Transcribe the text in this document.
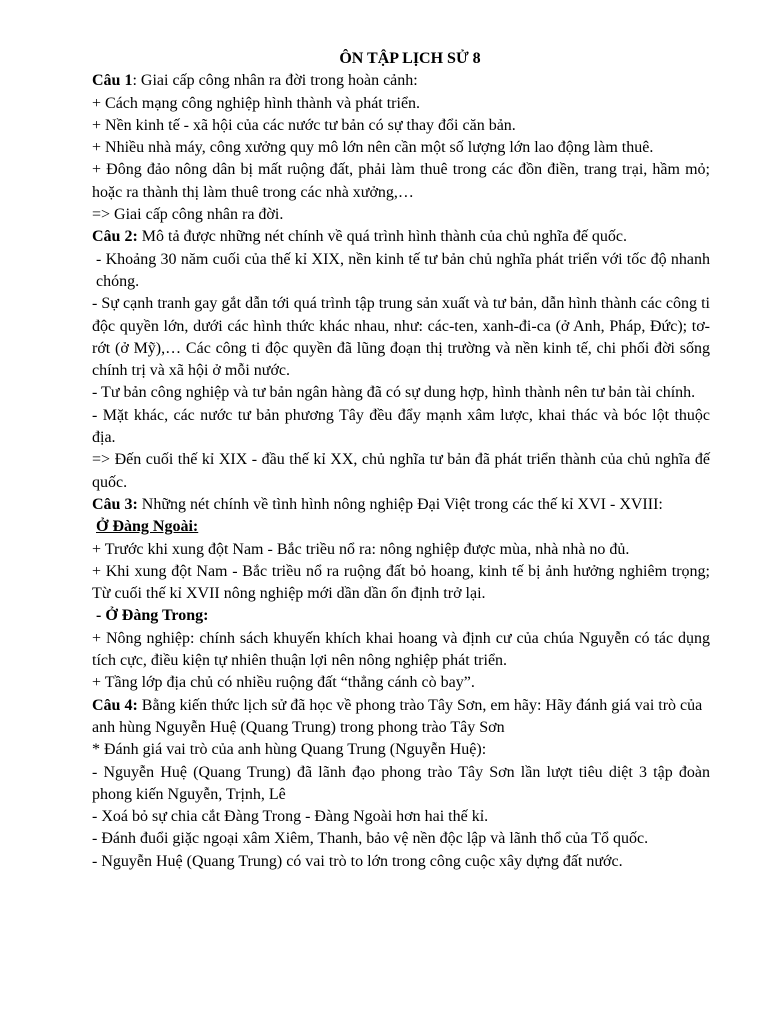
ÔN TẬP LỊCH SỬ 8

Câu 1: Giai cấp công nhân ra đời trong hoàn cảnh:

+ Cách mạng công nghiệp hình thành và phát triển.

+ Nền kinh tế - xã hội của các nước tư bản có sự thay đổi căn bản.

+ Nhiều nhà máy, công xưởng quy mô lớn nên cần một số lượng lớn lao động làm thuê.

+ Đông đảo nông dân bị mất ruộng đất, phải làm thuê trong các đồn điền, trang trại, hầm mỏ; hoặc ra thành thị làm thuê trong các nhà xưởng,…

=> Giai cấp công nhân ra đời.

Câu 2: Mô tả được những nét chính về quá trình hình thành của chủ nghĩa đế quốc.

- Khoảng 30 năm cuối của thế kỉ XIX, nền kinh tế tư bản chủ nghĩa phát triển với tốc độ nhanh chóng.

- Sự cạnh tranh gay gắt dẫn tới quá trình tập trung sản xuất và tư bản, dẫn hình thành các công ti độc quyền lớn, dưới các hình thức khác nhau, như: các-ten, xanh-đi-ca (ở Anh, Pháp, Đức); tơ-rớt (ở Mỹ),… Các công ti độc quyền đã lũng đoạn thị trường và nền kinh tế, chi phối đời sống chính trị và xã hội ở mỗi nước.

- Tư bản công nghiệp và tư bản ngân hàng đã có sự dung hợp, hình thành nên tư bản tài chính.

- Mặt khác, các nước tư bản phương Tây đều đẩy mạnh xâm lược, khai thác và bóc lột thuộc địa.

=> Đến cuối thế kỉ XIX - đầu thế kỉ XX, chủ nghĩa tư bản đã phát triển thành của chủ nghĩa đế quốc.

Câu 3: Những nét chính về tình hình nông nghiệp Đại Việt trong các thế kỉ XVI - XVIII:

Ở Đàng Ngoài:

+ Trước khi xung đột Nam - Bắc triều nổ ra: nông nghiệp được mùa, nhà nhà no đủ.

+ Khi xung đột Nam - Bắc triều nổ ra ruộng đất bỏ hoang, kinh tế bị ảnh hưởng nghiêm trọng; Từ cuối thế kỉ XVII nông nghiệp mới dần dần ổn định trở lại.

- Ở Đàng Trong:

+ Nông nghiệp: chính sách khuyến khích khai hoang và định cư của chúa Nguyễn có tác dụng tích cực, điều kiện tự nhiên thuận lợi nên nông nghiệp phát triển.

+ Tầng lớp địa chủ có nhiều ruộng đất “thẳng cánh cò bay”.

Câu 4: Bằng kiến thức lịch sử đã học về phong trào Tây Sơn, em hãy: Hãy đánh giá vai trò của anh hùng Nguyễn Huệ (Quang Trung) trong phong trào Tây Sơn

* Đánh giá vai trò của anh hùng Quang Trung (Nguyễn Huệ):

- Nguyễn Huệ (Quang Trung) đã lãnh đạo phong trào Tây Sơn lần lượt tiêu diệt 3 tập đoàn phong kiến Nguyễn, Trịnh, Lê

- Xoá bỏ sự chia cắt Đàng Trong - Đàng Ngoài hơn hai thế kỉ.

- Đánh đuổi giặc ngoại xâm Xiêm, Thanh, bảo vệ nền độc lập và lãnh thổ của Tổ quốc.

- Nguyễn Huệ (Quang Trung) có vai trò to lớn trong công cuộc xây dựng đất nước.
